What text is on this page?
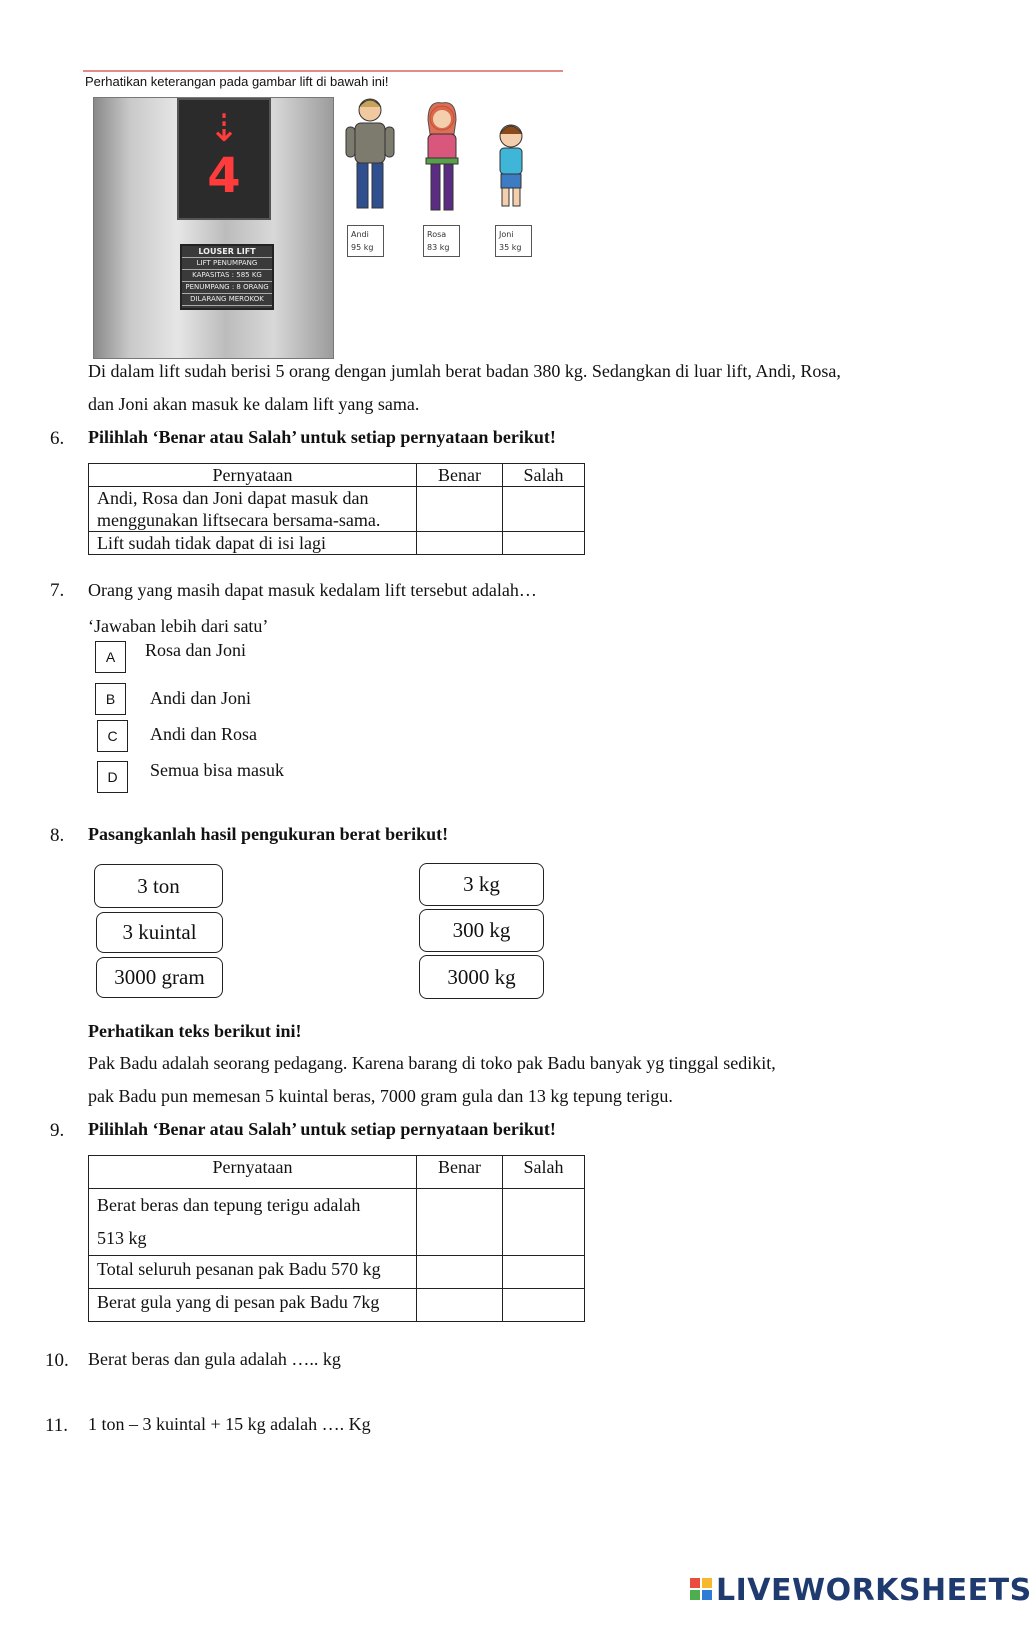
Perhatikan keterangan pada gambar lift di bawah ini!
⇣
4
LOUSER LIFT
LIFT PENUMPANG
KAPASITAS : 585 KG
PENUMPANG : 8 ORANG
DILARANG MEROKOK
Andi
95 kg
Rosa
83 kg
Joni
35 kg
Di dalam lift sudah berisi 5 orang dengan jumlah berat badan 380 kg. Sedangkan di luar lift, Andi, Rosa,
dan Joni akan masuk ke dalam lift yang sama.
6. Pilihlah ‘Benar atau Salah’ untuk setiap pernyataan berikut!
Pernyataan	Benar	Salah
Andi, Rosa dan Joni dapat masuk dan
menggunakan liftsecara bersama-sama.		
Lift sudah tidak dapat di isi lagi		
7. Orang yang masih dapat masuk kedalam lift tersebut adalah…
‘Jawaban lebih dari satu’
A	Rosa dan Joni
B	Andi dan Joni
C	Andi dan Rosa
D	Semua bisa masuk
8. Pasangkanlah hasil pengukuran berat berikut!
3 ton
3 kuintal
3000 gram
3 kg
300 kg
3000 kg
Perhatikan teks berikut ini!
Pak Badu adalah seorang pedagang. Karena barang di toko pak Badu banyak yg tinggal sedikit,
pak Badu pun memesan 5 kuintal beras, 7000 gram gula dan 13 kg tepung terigu.
9. Pilihlah ‘Benar atau Salah’ untuk setiap pernyataan berikut!
Pernyataan	Benar	Salah
Berat beras dan tepung terigu adalah
513 kg		
Total seluruh pesanan pak Badu 570 kg		
Berat gula yang di pesan pak Badu 7kg		
10. Berat beras dan gula adalah ….. kg
11. 1 ton – 3 kuintal + 15 kg adalah …. Kg
LIVEWORKSHEETS
